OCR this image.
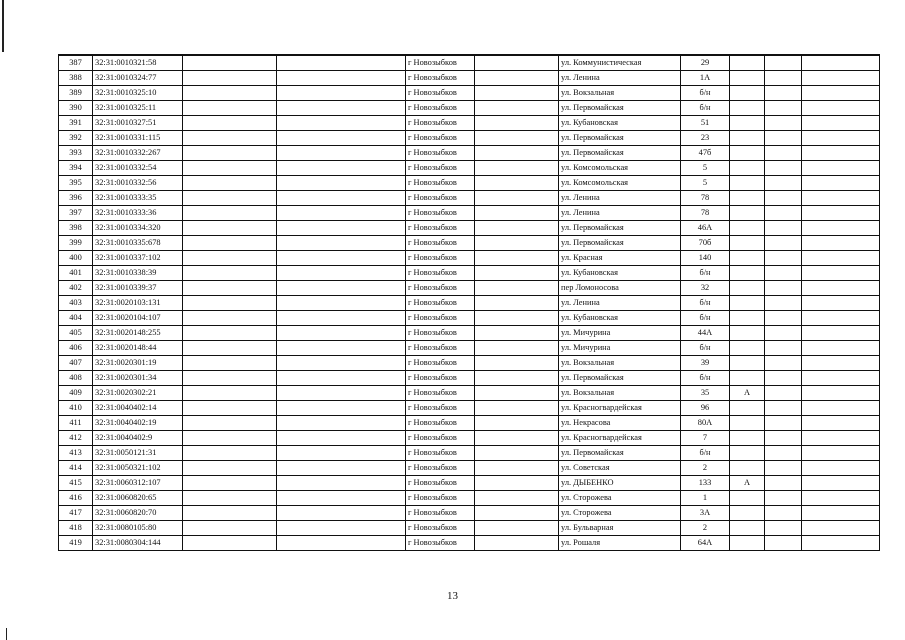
387	32:31:0010321:58			г Новозыбков		ул. Коммунистическая	29			
388	32:31:0010324:77			г Новозыбков		ул. Ленина	1А			
389	32:31:0010325:10			г Новозыбков		ул. Вокзальная	б/н			
390	32:31:0010325:11			г Новозыбков		ул. Первомайская	б/н			
391	32:31:0010327:51			г Новозыбков		ул. Кубановская	51			
392	32:31:0010331:115			г Новозыбков		ул. Первомайская	23			
393	32:31:0010332:267			г Новозыбков		ул. Первомайская	47б			
394	32:31:0010332:54			г Новозыбков		ул. Комсомольская	5			
395	32:31:0010332:56			г Новозыбков		ул. Комсомольская	5			
396	32:31:0010333:35			г Новозыбков		ул. Ленина	78			
397	32:31:0010333:36			г Новозыбков		ул. Ленина	78			
398	32:31:0010334:320			г Новозыбков		ул. Первомайская	46А			
399	32:31:0010335:678			г Новозыбков		ул. Первомайская	70б			
400	32:31:0010337:102			г Новозыбков		ул. Красная	140			
401	32:31:0010338:39			г Новозыбков		ул. Кубановская	б/н			
402	32:31:0010339:37			г Новозыбков		пер Ломоносова	32			
403	32:31:0020103:131			г Новозыбков		ул. Ленина	б/н			
404	32:31:0020104:107			г Новозыбков		ул. Кубановская	б/н			
405	32:31:0020148:255			г Новозыбков		ул. Мичурина	44А			
406	32:31:0020148:44			г Новозыбков		ул. Мичурина	б/н			
407	32:31:0020301:19			г Новозыбков		ул. Вокзальная	39			
408	32:31:0020301:34			г Новозыбков		ул. Первомайская	б/н			
409	32:31:0020302:21			г Новозыбков		ул. Вокзальная	35	А		
410	32:31:0040402:14			г Новозыбков		ул. Красногвардейская	96			
411	32:31:0040402:19			г Новозыбков		ул. Некрасова	80А			
412	32:31:0040402:9			г Новозыбков		ул. Красногвардейская	7			
413	32:31:0050121:31			г Новозыбков		ул. Первомайская	б/н			
414	32:31:0050321:102			г Новозыбков		ул. Советская	2			
415	32:31:0060312:107			г Новозыбков		ул. ДЫБЕНКО	133	А		
416	32:31:0060820:65			г Новозыбков		ул. Сторожева	1			
417	32:31:0060820:70			г Новозыбков		ул. Сторожева	3А			
418	32:31:0080105:80			г Новозыбков		ул. Бульварная	2			
419	32:31:0080304:144			г Новозыбков		ул. Рошаля	64А			
13
